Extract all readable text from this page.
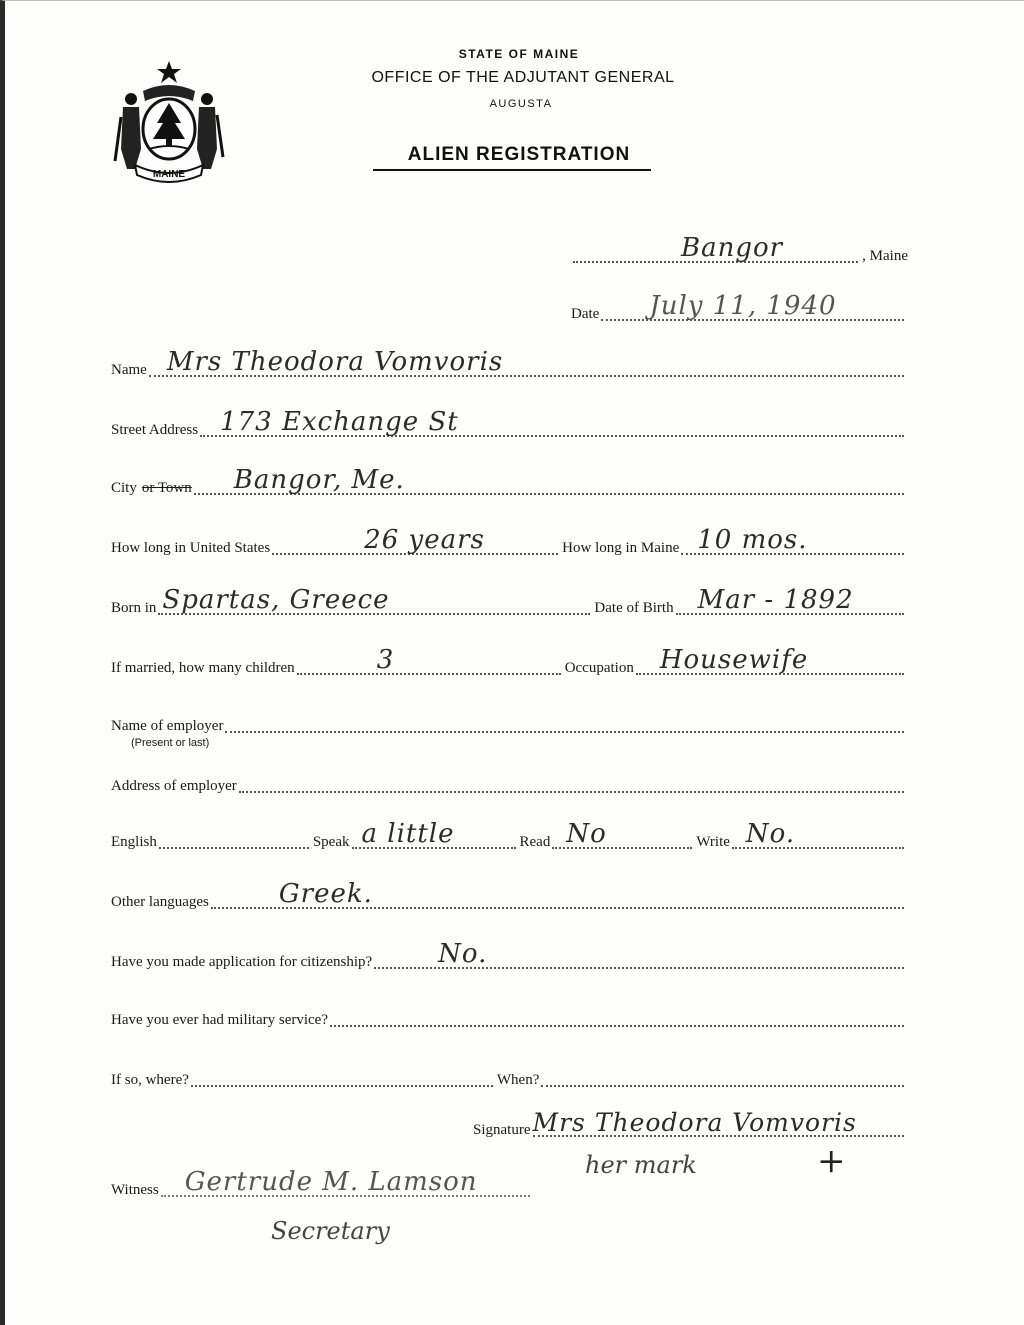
MAINE
STATE OF MAINE
OFFICE OF THE ADJUTANT GENERAL
AUGUSTA
ALIEN REGISTRATION
Bangor	, Maine
Date July 11, 1940
Name Mrs Theodora Vomvoris
Street Address 173 Exchange St
City or Town Bangor, Me.
How long in United States	26 years	How long in Maine 10 mos.
Born in Spartas, Greece	Date of Birth Mar - 1892
If married, how many children	3	Occupation Housewife
Name of employer
(Present or last)
Address of employer
English	Speak a little	Read No	Write No.
Other languages	Greek.
Have you made application for citizenship?	No.
Have you ever had military service?
If so, where?	When?
Signature Mrs Theodora Vomvoris
her mark	+
Witness Gertrude M. Lamson
Secretary
